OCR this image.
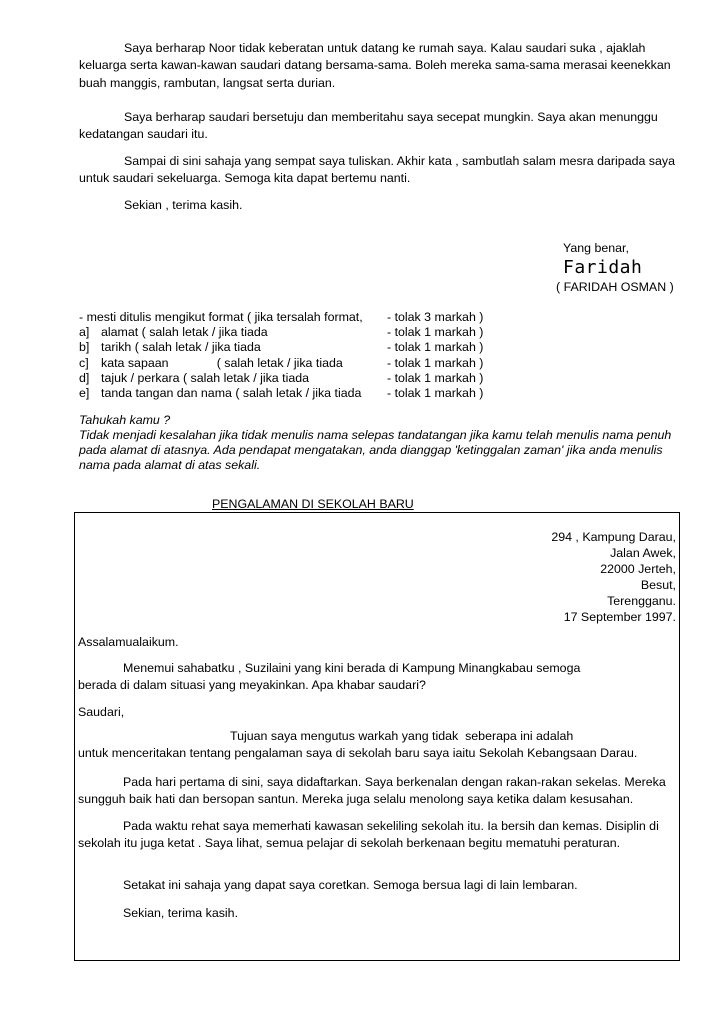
Saya berharap Noor tidak keberatan untuk datang ke rumah saya. Kalau saudari suka , ajaklah keluarga serta kawan-kawan saudari datang bersama-sama. Boleh mereka sama-sama merasai keenekkan buah manggis, rambutan, langsat serta durian.

Saya berharap saudari bersetuju dan memberitahu saya secepat mungkin. Saya akan menunggu kedatangan saudari itu.

Sampai di sini sahaja yang sempat saya tuliskan. Akhir kata , sambutlah salam mesra daripada saya untuk saudari sekeluarga. Semoga kita dapat bertemu nanti.

Sekian , terima kasih.

Yang benar,
Faridah
( FARIDAH OSMAN )
- mesti ditulis mengikut format ( jika tersalah format,		- tolak 3 markah )
a]	alamat ( salah letak / jika tiada	- tolak 1 markah )
b]	tarikh ( salah letak / jika tiada	- tolak 1 markah )
c]	kata sapaan              ( salah letak / jika tiada	- tolak 1 markah )
d]	tajuk / perkara ( salah letak / jika tiada	- tolak 1 markah )
e]	tanda tangan dan nama ( salah letak / jika tiada	- tolak 1 markah )
Tahukah kamu ?
Tidak menjadi kesalahan jika tidak menulis nama selepas tandatangan jika kamu telah menulis nama penuh pada alamat di atasnya. Ada pendapat mengatakan, anda dianggap 'ketinggalan zaman' jika anda menulis nama pada alamat di atas sekali.
PENGALAMAN DI SEKOLAH BARU
294 , Kampung Darau,
Jalan Awek,
22000 Jerteh,
Besut,
Terengganu.
17 September 1997.
Assalamualaikum.
Menemui sahabatku , Suzilaini yang kini berada di Kampung Minangkabau semoga berada di dalam situasi yang meyakinkan. Apa khabar saudari?
Saudari,
Tujuan saya mengutus warkah yang tidak  seberapa ini adalah
untuk menceritakan tentang pengalaman saya di sekolah baru saya iaitu Sekolah Kebangsaan Darau.
Pada hari pertama di sini, saya didaftarkan. Saya berkenalan dengan rakan-rakan sekelas. Mereka sungguh baik hati dan bersopan santun. Mereka juga selalu menolong saya ketika dalam kesusahan.
Pada waktu rehat saya memerhati kawasan sekeliling sekolah itu. Ia bersih dan kemas. Disiplin di sekolah itu juga ketat . Saya lihat, semua pelajar di sekolah berkenaan begitu mematuhi peraturan.
Setakat ini sahaja yang dapat saya coretkan. Semoga bersua lagi di lain lembaran.
Sekian, terima kasih.
